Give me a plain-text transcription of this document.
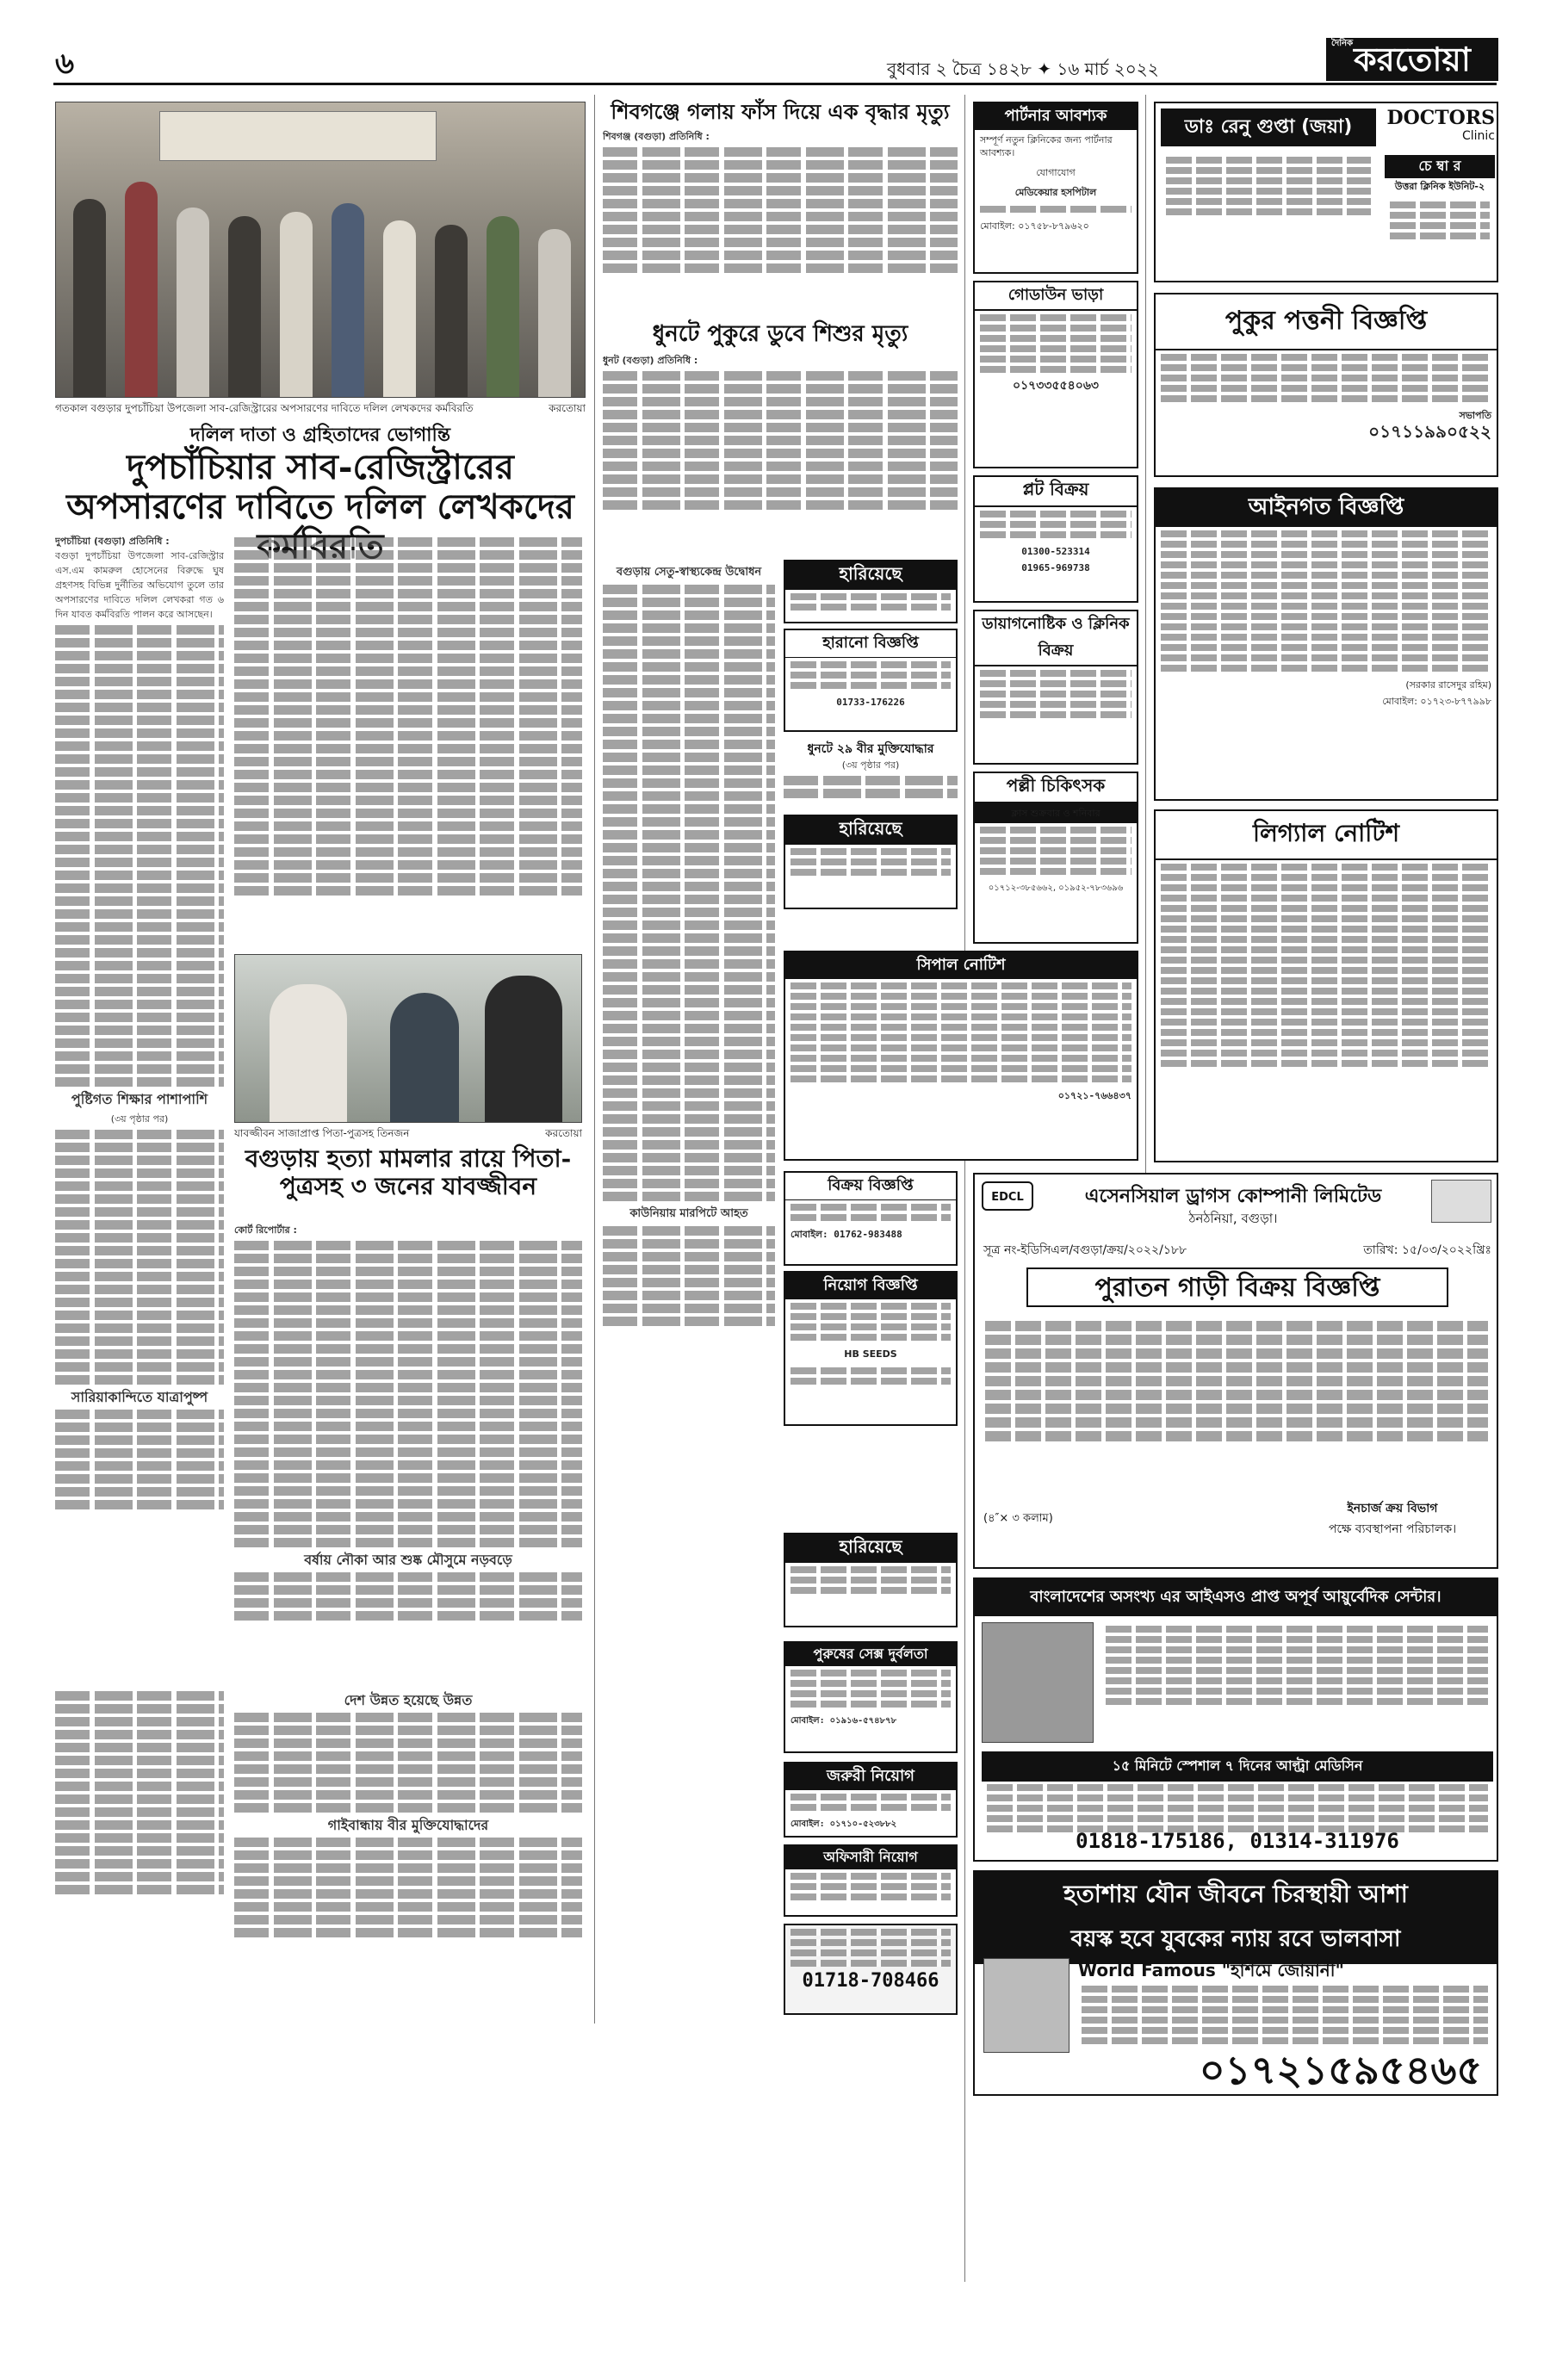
৬	বুধবার ২ চৈত্র ১৪২৮ ✦ ১৬ মার্চ ২০২২
দৈনিক করতোয়া
গতকাল বগুড়ার দুপচাঁচিয়া উপজেলা সাব-রেজিস্ট্রারের অপসারণের দাবিতে দলিল লেখকদের কর্মবিরতি	করতোয়া
দলিল দাতা ও গ্রহিতাদের ভোগান্তি
দুপচাঁচিয়ার সাব-রেজিস্ট্রারের অপসারণের দাবিতে দলিল লেখকদের
দুপচাঁচিয়া (বগুড়া) প্রতিনিধি :
বগুড়া দুপচাঁচিয়া উপজেলা সাব-রেজিস্ট্রার এস.এম কামরুল হোসেনের বিরুদ্ধে ঘুষ গ্রহণসহ বিভিন্ন দুর্নীতির অভিযোগ তুলে তার অপসারণের দাবিতে দলিল লেখকরা গত ৬ দিন যাবত কর্মবিরতি পালন করে আসছেন।
পুষ্টিগত শিক্ষার পাশাপাশি
(৩য় পৃষ্ঠার পর)
সারিয়াকান্দিতে যাত্রাপুষ্প
যাবজ্জীবন সাজাপ্রাপ্ত পিতা-পুত্রসহ তিনজন	করতোয়া
বগুড়ায় হত্যা মামলার রায়ে পিতা-পুত্রসহ ৩ জনের যাবজ্জীবন
কোর্ট রিপোর্টার :
বর্ষায় নৌকা আর শুষ্ক মৌসুমে নড়বড়ে
দেশ উন্নত হয়েছে উন্নত
গাইবান্ধায় বীর মুক্তিযোদ্ধাদের
শিবগঞ্জে গলায় ফাঁস দিয়ে এক বৃদ্ধার মৃত্যু
শিবগঞ্জ (বগুড়া) প্রতিনিধি :
ধুনটে পুকুরে ডুবে শিশুর মৃত্যু
ধুনট (বগুড়া) প্রতিনিধি :
বগুড়ায় সেতু-স্বাস্থ্যকেন্দ্র উদ্বোধন
কাউনিয়ায় মারপিটে আহত
হারিয়েছে
হারানো বিজ্ঞপ্তি
01733-176226
ধুনটে ২৯ বীর মুক্তিযোদ্ধার
(৩য় পৃষ্ঠার পর)
হারিয়েছে
বিক্রয় বিজ্ঞপ্তি
মোবাইল: 01762-983488
নিয়োগ বিজ্ঞপ্তি
HB SEEDS
হারিয়েছে
পুরুষের সেক্স দুর্বলতা
মোবাইল: ০১৯১৬-৫৭৪৮৭৮
জরুরী নিয়োগ
মোবাইল: ০১৭১০-৫২৩৮৮২
অফিসারী নিয়োগ
01718-708466
পার্টনার আবশ্যক
সম্পূর্ণ নতুন ক্লিনিকের জন্য পার্টনার আবশ্যক।
যোগাযোগ
মেডিকেয়ার হসপিটাল
মোবাইল: ০১৭৫৮-৮৭৯৬২০
গোডাউন ভাড়া
০১৭৩৩৫৫৪০৬৩
প্লট বিক্রয়
01300-523314
01965-969738
ডায়াগনোষ্টিক ও ক্লিনিক বিক্রয়
পল্লী চিকিৎসক
ক্লাস শুক্রবার ও শনিবার
০১৭১২-৩৮৫৬৬২, ০১৯৫২-৭৮৩৬৯৬
সিপাল নোটিশ
০১৭২১-৭৬৬৪৩৭
ডাঃ রেনু গুপ্তা (জয়া)	DOCTORS
Clinic
চে ম্বা র
উত্তরা ক্লিনিক ইউনিট-২
পুকুর পত্তনী বিজ্ঞপ্তি
সভাপতি
০১৭১১৯৯০৫২২
আইনগত বিজ্ঞপ্তি
(সরকার রাসেদুর রহিম)
মোবাইল: ০১৭২৩-৮৭৭৯৯৮
লিগ্যাল নোটিশ
EDCL	এসেনসিয়াল ড্রাগস কোম্পানী লিমিটেড
ঠনঠনিয়া, বগুড়া।
সূত্র নং-ইডিসিএল/বগুড়া/ক্রয়/২০২২/১৮৮	তারিখ: ১৫/০৩/২০২২খ্রিঃ
পুরাতন গাড়ী বিক্রয় বিজ্ঞপ্তি
(৪″× ৩ কলাম)
ইনচার্জ ক্রয় বিভাগ
পক্ষে ব্যবস্থাপনা পরিচালক।
বাংলাদেশের অসংখ্য এর আইএসও প্রাপ্ত অপূর্ব আয়ুর্বেদিক সেন্টার।
১৫ মিনিটে স্পেশাল ৭ দিনের আল্ট্রা মেডিসিন
01818-175186, 01314-311976
হতাশায় যৌন জীবনে চিরস্থায়ী আশা
বয়স্ক হবে যুবকের ন্যায় রবে ভালবাসা
World Famous "হাশমে জোয়ানী"
০১৭২১৫৯৫৪৬৫
